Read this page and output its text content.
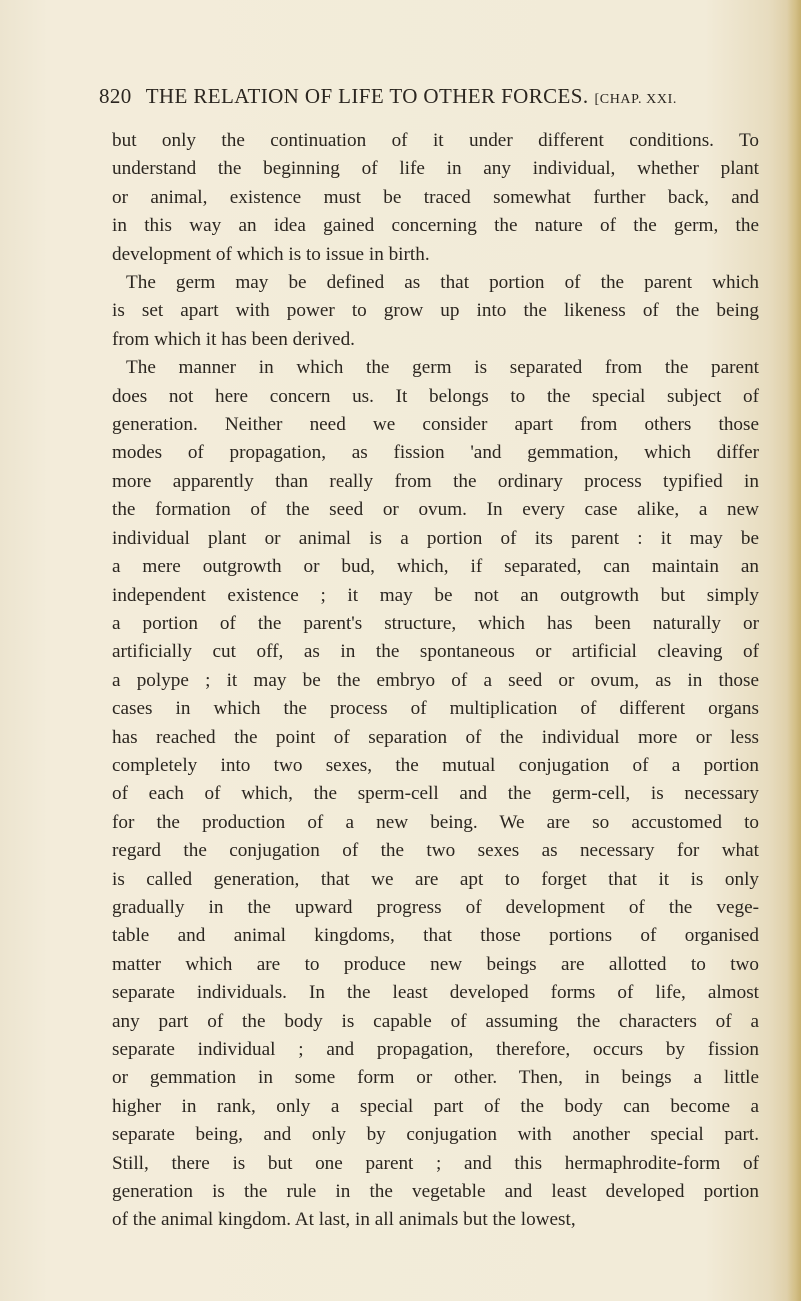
820 THE RELATION OF LIFE TO OTHER FORCES. [CHAP. XXI.
but only the continuation of it under different conditions. To
understand the beginning of life in any individual, whether plant
or animal, existence must be traced somewhat further back, and
in this way an idea gained concerning the nature of the germ, the
development of which is to issue in birth.
The germ may be defined as that portion of the parent which
is set apart with power to grow up into the likeness of the being
from which it has been derived.
The manner in which the germ is separated from the parent
does not here concern us. It belongs to the special subject of
generation. Neither need we consider apart from others those
modes of propagation, as fission 'and gemmation, which differ
more apparently than really from the ordinary process typified in
the formation of the seed or ovum. In every case alike, a new
individual plant or animal is a portion of its parent : it may be
a mere outgrowth or bud, which, if separated, can maintain an
independent existence ; it may be not an outgrowth but simply
a portion of the parent's structure, which has been naturally or
artificially cut off, as in the spontaneous or artificial cleaving of
a polype ; it may be the embryo of a seed or ovum, as in those
cases in which the process of multiplication of different organs
has reached the point of separation of the individual more or less
completely into two sexes, the mutual conjugation of a portion
of each of which, the sperm-cell and the germ-cell, is necessary
for the production of a new being. We are so accustomed to
regard the conjugation of the two sexes as necessary for what
is called generation, that we are apt to forget that it is only
gradually in the upward progress of development of the vege-
table and animal kingdoms, that those portions of organised
matter which are to produce new beings are allotted to two
separate individuals. In the least developed forms of life, almost
any part of the body is capable of assuming the characters of a
separate individual ; and propagation, therefore, occurs by fission
or gemmation in some form or other. Then, in beings a little
higher in rank, only a special part of the body can become a
separate being, and only by conjugation with another special part.
Still, there is but one parent ; and this hermaphrodite-form of
generation is the rule in the vegetable and least developed portion
of the animal kingdom. At last, in all animals but the lowest,
